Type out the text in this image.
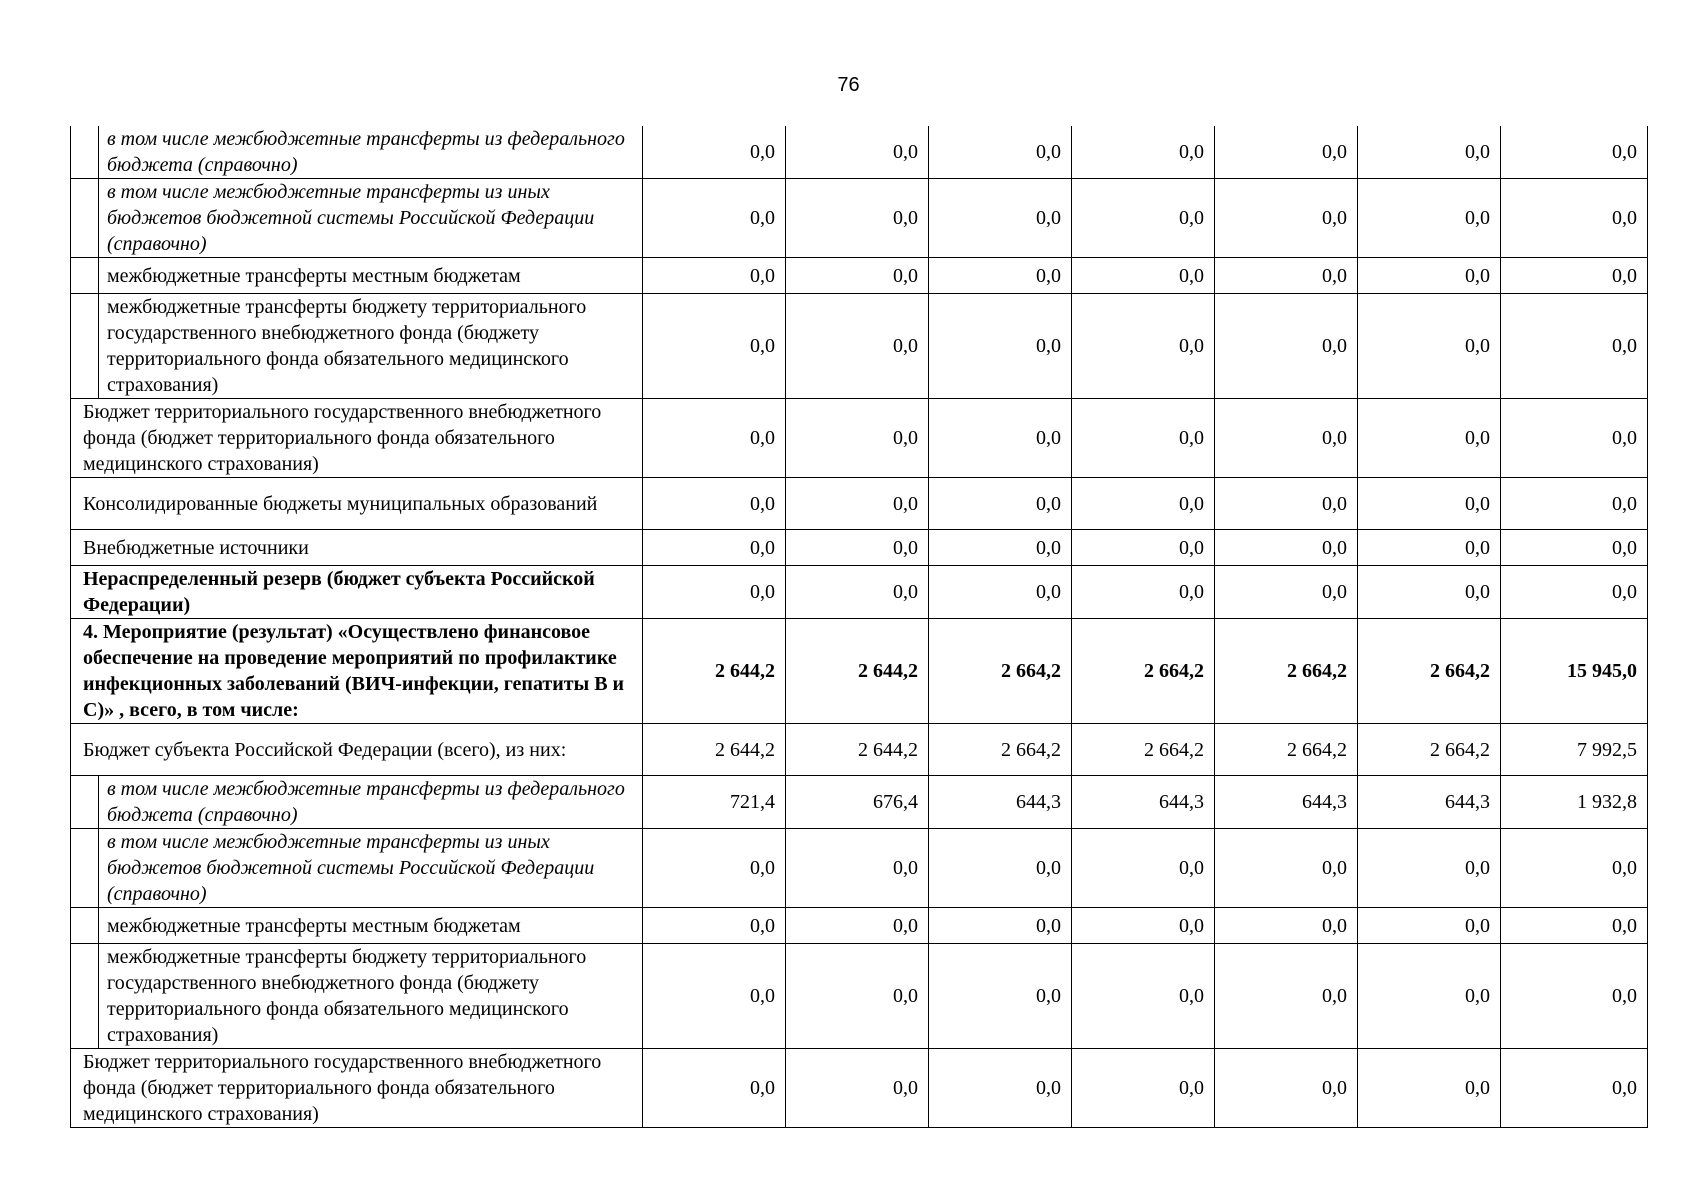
76
	в том числе межбюджетные трансферты из федерального бюджета (справочно)	0,0	0,0	0,0	0,0	0,0	0,0	0,0
	в том числе межбюджетные трансферты из иных бюджетов бюджетной системы Российской Федерации (справочно)	0,0	0,0	0,0	0,0	0,0	0,0	0,0
	межбюджетные трансферты местным бюджетам	0,0	0,0	0,0	0,0	0,0	0,0	0,0
	межбюджетные трансферты бюджету территориального государственного внебюджетного фонда (бюджету территориального фонда обязательного медицинского страхования)	0,0	0,0	0,0	0,0	0,0	0,0	0,0
Бюджет территориального государственного внебюджетного фонда (бюджет территориального фонда обязательного медицинского страхования)		0,0	0,0	0,0	0,0	0,0	0,0	0,0
Консолидированные бюджеты муниципальных образований		0,0	0,0	0,0	0,0	0,0	0,0	0,0
Внебюджетные источники		0,0	0,0	0,0	0,0	0,0	0,0	0,0
Нераспределенный резерв (бюджет субъекта Российской Федерации)		0,0	0,0	0,0	0,0	0,0	0,0	0,0
4. Мероприятие (результат) «Осуществлено финансовое обеспечение на проведение мероприятий по профилактике инфекционных заболеваний (ВИЧ-инфекции, гепатиты В и С)» , всего, в том числе:		2 644,2	2 644,2	2 664,2	2 664,2	2 664,2	2 664,2	15 945,0
Бюджет субъекта Российской Федерации (всего), из них:		2 644,2	2 644,2	2 664,2	2 664,2	2 664,2	2 664,2	7 992,5
	в том числе межбюджетные трансферты из федерального бюджета (справочно)	721,4	676,4	644,3	644,3	644,3	644,3	1 932,8
	в том числе межбюджетные трансферты из иных бюджетов бюджетной системы Российской Федерации (справочно)	0,0	0,0	0,0	0,0	0,0	0,0	0,0
	межбюджетные трансферты местным бюджетам	0,0	0,0	0,0	0,0	0,0	0,0	0,0
	межбюджетные трансферты бюджету территориального государственного внебюджетного фонда (бюджету территориального фонда обязательного медицинского страхования)	0,0	0,0	0,0	0,0	0,0	0,0	0,0
Бюджет территориального государственного внебюджетного фонда (бюджет территориального фонда обязательного медицинского страхования)		0,0	0,0	0,0	0,0	0,0	0,0	0,0
